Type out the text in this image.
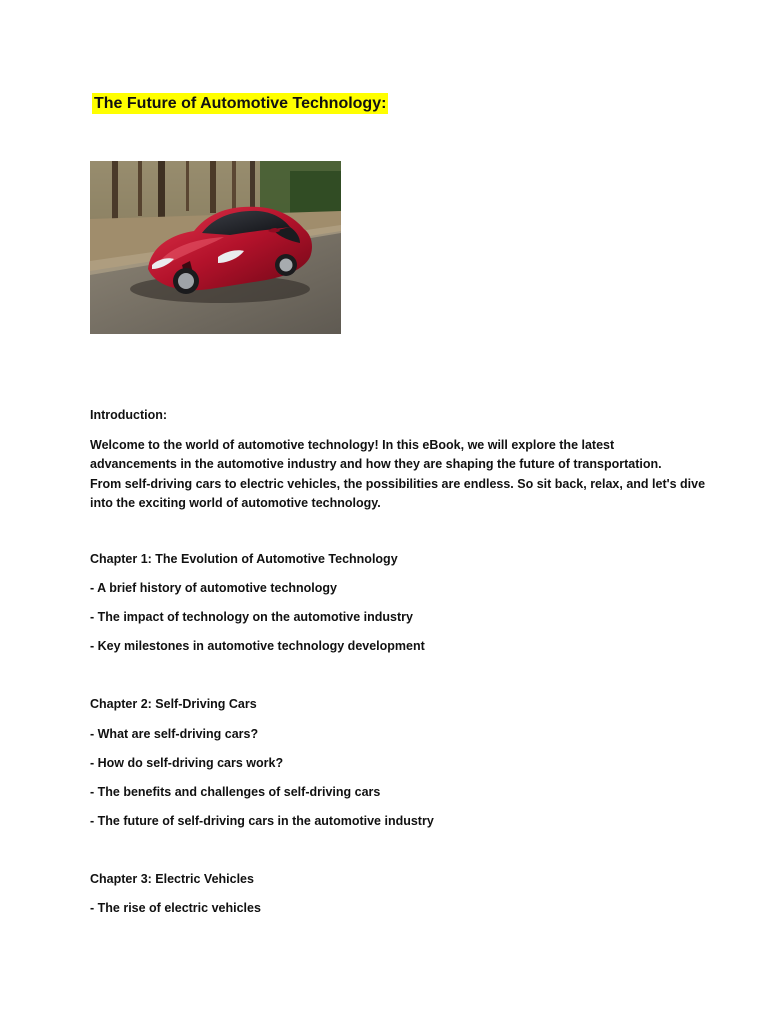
The Future of Automotive Technology:

Introduction:

Welcome to the world of automotive technology! In this eBook, we will explore the latest
advancements in the automotive industry and how they are shaping the future of transportation.
From self-driving cars to electric vehicles, the possibilities are endless. So sit back, relax, and let's dive
into the exciting world of automotive technology.

Chapter 1: The Evolution of Automotive Technology

- A brief history of automotive technology

- The impact of technology on the automotive industry

- Key milestones in automotive technology development

Chapter 2: Self-Driving Cars

- What are self-driving cars?

- How do self-driving cars work?

- The benefits and challenges of self-driving cars

- The future of self-driving cars in the automotive industry

Chapter 3: Electric Vehicles

- The rise of electric vehicles
